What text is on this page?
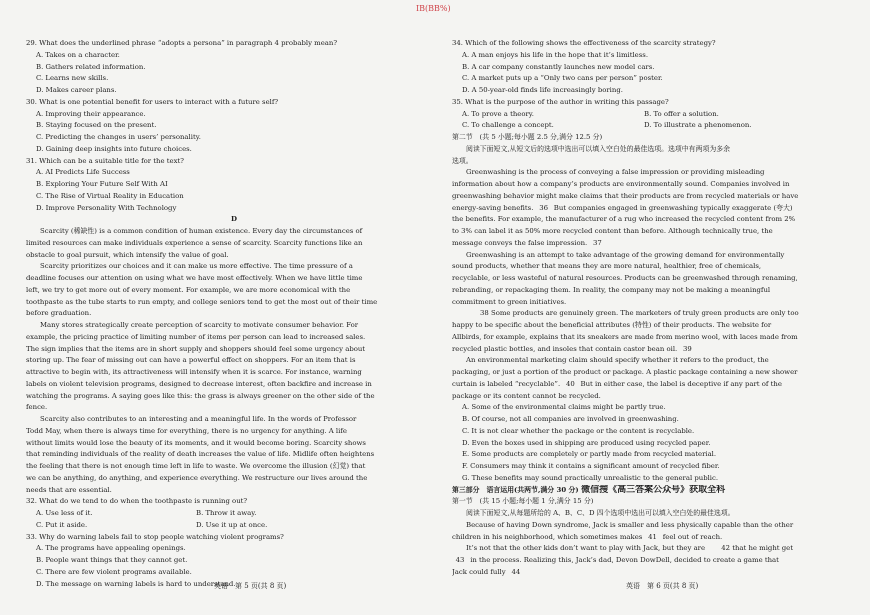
IB(BB%)
29. What does the underlined phrase “adopts a persona” in paragraph 4 probably mean?
A. Takes on a character.
B. Gathers related information.
C. Learns new skills.
D. Makes career plans.
30. What is one potential benefit for users to interact with a future self?
A. Improving their appearance.
B. Staying focused on the present.
C. Predicting the changes in users’ personality.
D. Gaining deep insights into future choices.
31. Which can be a suitable title for the text?
A. AI Predicts Life Success
B. Exploring Your Future Self With AI
C. The Rise of Virtual Reality in Education
D. Improve Personality With Technology
D
Scarcity (稀缺性) is a common condition of human existence. Every day the circumstances of
limited resources can make individuals experience a sense of scarcity. Scarcity functions like an
obstacle to goal pursuit, which intensify the value of goal.
Scarcity prioritizes our choices and it can make us more effective. The time pressure of a
deadline focuses our attention on using what we have most effectively. When we have little time
left, we try to get more out of every moment. For example, we are more economical with the
toothpaste as the tube starts to run empty, and college seniors tend to get the most out of their time
before graduation.
Many stores strategically create perception of scarcity to motivate consumer behavior. For
example, the pricing practice of limiting number of items per person can lead to increased sales.
The sign implies that the items are in short supply and shoppers should feel some urgency about
storing up. The fear of missing out can have a powerful effect on shoppers. For an item that is
attractive to begin with, its attractiveness will intensify when it is scarce. For instance, warning
labels on violent television programs, designed to decrease interest, often backfire and increase in
watching the programs. A saying goes like this: the grass is always greener on the other side of the
fence.
Scarcity also contributes to an interesting and a meaningful life. In the words of Professor
Todd May, when there is always time for everything, there is no urgency for anything. A life
without limits would lose the beauty of its moments, and it would become boring. Scarcity shows
that reminding individuals of the reality of death increases the value of life. Midlife often heightens
the feeling that there is not enough time left in life to waste. We overcome the illusion (幻觉) that
we can be anything, do anything, and experience everything. We restructure our lives around the
needs that are essential.
32. What do we tend to do when the toothpaste is running out?
A. Use less of it.	B. Throw it away.
C. Put it aside.	D. Use it up at once.
33. Why do warning labels fail to stop people watching violent programs?
A. The programs have appealing openings.
B. People want things that they cannot get.
C. There are few violent programs available.
D. The message on warning labels is hard to understand.
34. Which of the following shows the effectiveness of the scarcity strategy?
A. A man enjoys his life in the hope that it’s limitless.
B. A car company constantly launches new model cars.
C. A market puts up a “Only two cans per person” poster.
D. A 50-year-old finds life increasingly boring.
35. What is the purpose of the author in writing this passage?
A. To prove a theory.	B. To offer a solution.
C. To challenge a concept.	D. To illustrate a phenomenon.
第二节　(共 5 小题;每小题 2.5 分,满分 12.5 分)
阅读下面短文,从短文后的选项中选出可以填入空白处的最佳选项。选项中有两项为多余
选项。
Greenwashing is the process of conveying a false impression or providing misleading
information about how a company’s products are environmentally sound. Companies involved in
greenwashing behavior might make claims that their products are from recycled materials or have
energy-saving benefits. 36 But companies engaged in greenwashing typically exaggerate (夸大)
the benefits. For example, the manufacturer of a rug who increased the recycled content from 2%
to 3% can label it as 50% more recycled content than before. Although technically true, the
message conveys the false impression. 37
Greenwashing is an attempt to take advantage of the growing demand for environmentally
sound products, whether that means they are more natural, healthier, free of chemicals,
recyclable, or less wasteful of natural resources. Products can be greenwashed through renaming,
rebranding, or repackaging them. In reality, the company may not be making a meaningful
commitment to green initiatives.
38 Some products are genuinely green. The marketers of truly green products are only too
happy to be specific about the beneficial attributes (特性) of their products. The website for
Allbirds, for example, explains that its sneakers are made from merino wool, with laces made from
recycled plastic bottles, and insoles that contain castor bean oil. 39
An environmental marketing claim should specify whether it refers to the product, the
packaging, or just a portion of the product or package. A plastic package containing a new shower
curtain is labeled “recyclable”. 40 But in either case, the label is deceptive if any part of the
package or its content cannot be recycled.
A. Some of the environmental claims might be partly true.
B. Of course, not all companies are involved in greenwashing.
C. It is not clear whether the package or the content is recyclable.
D. Even the boxes used in shipping are produced using recycled paper.
E. Some products are completely or partly made from recycled material.
F. Consumers may think it contains a significant amount of recycled fiber.
G. These benefits may sound practically unrealistic to the general public.
第三部分　语言运用(共两节,满分 30 分) 微信搜《高三答案公众号》获取全科
第一节　(共 15 小题;每小题 1 分,满分 15 分)
阅读下面短文,从每题所给的 A、B、C、D 四个选项中选出可以填入空白处的最佳选项。
Because of having Down syndrome, Jack is smaller and less physically capable than the other
children in his neighborhood, which sometimes makes 41 feel out of reach.
It’s not that the other kids don’t want to play with Jack, but they are 42 that he might get
43 in the process. Realizing this, Jack’s dad, Devon DowDell, decided to create a game that
Jack could fully 44
英语　第 5 页(共 8 页)	英语　第 6 页(共 8 页)
